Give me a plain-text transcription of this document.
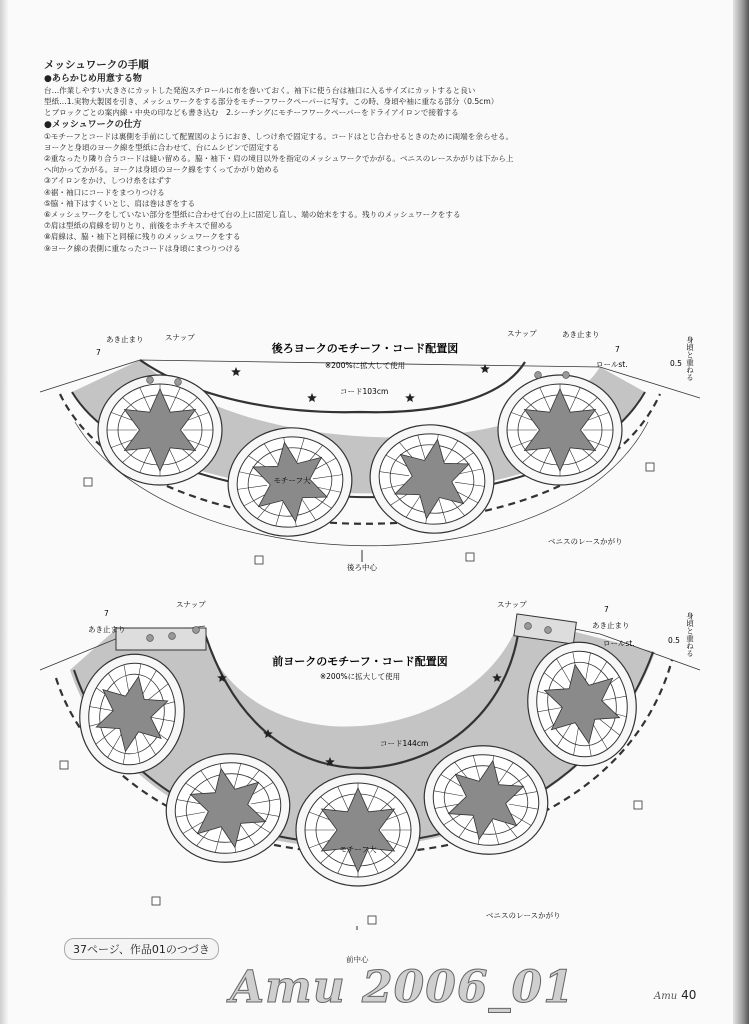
メッシュワークの手順
●あらかじめ用意する物
台…作業しやすい大きさにカットした発泡スチロールに布を巻いておく。袖下に使う台は袖口に入るサイズにカットすると良い
型紙…1.実物大製図を引き、メッシュワークをする部分をモチーフワークペーパーに写す。この時、身頃や袖に重なる部分（0.5cm）
とブロックごとの案内線・中央の印なども書き込む　2.シーチングにモチーフワークペーパーをドライアイロンで接着する
●メッシュワークの仕方
①モチーフとコードは裏側を手前にして配置図のようにおき、しつけ糸で固定する。コードはとじ合わせるときのために両端を余らせる。
ヨークと身頃のヨーク線を型紙に合わせて、台にムシピンで固定する
②重なったり隣り合うコードは縫い留める。脇・袖下・肩の境目以外を指定のメッシュワークでかがる。ベニスのレースかがりは下から上
へ向かってかがる。ヨークは身頃のヨーク線をすくってかがり始める
③アイロンをかけ、しつけ糸をはずす
④裾・袖口にコードをまつりつける
⑤脇・袖下はすくいとじ、肩は巻はぎをする
⑥メッシュワークをしていない部分を型紙に合わせて台の上に固定し直し、端の始末をする。残りのメッシュワークをする
⑦肩は型紙の肩線を切りとり、前後をホチキスで留める
⑧肩線は、脇・袖下と同様に残りのメッシュワークをする
⑨ヨーク線の表側に重なったコードは身頃にまつりつける
後ろヨークのモチーフ・コード配置図
※200%に拡大して使用
コード103cm
モチーフ大
あき止まり
あき止まり
スナップ	スナップ
ロールst.
7	7
0.5 身頃と重ねる
ベニスのレースかがり
後ろ中心
前ヨークのモチーフ・コード配置図
※200%に拡大して使用
コード144cm
モチーフ大
あき止まり	あき止まり
スナップ	スナップ
ロールst.
7	7
0.5 身頃と重ねる
ベニスのレースかがり
前中心
37ページ、作品01のつづき
Amu 2006_01	Amu 40
